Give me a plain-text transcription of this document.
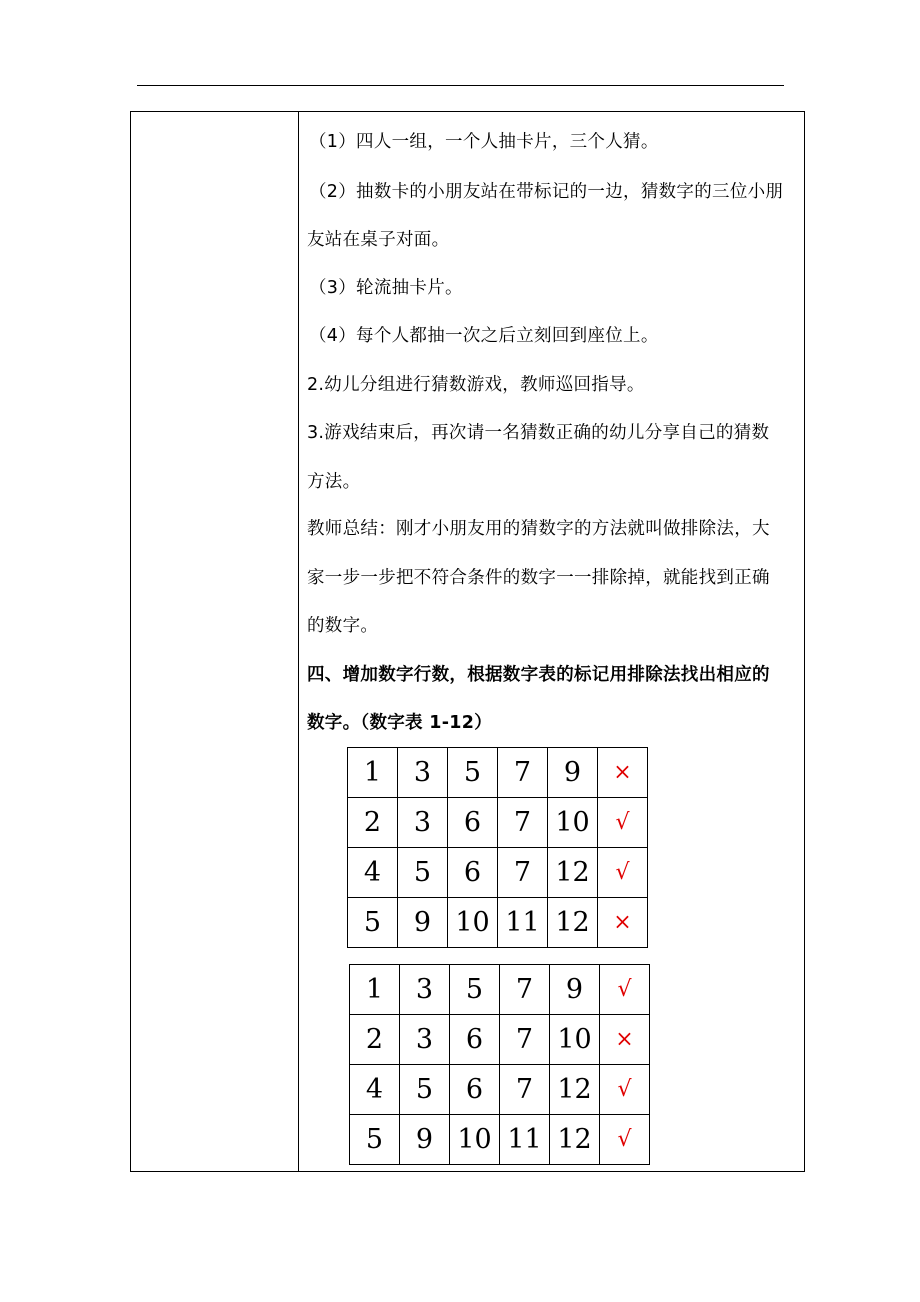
（1）四人一组，一个人抽卡片，三个人猜。
（2）抽数卡的小朋友站在带标记的一边，猜数字的三位小朋
友站在桌子对面。
（3）轮流抽卡片。
（4）每个人都抽一次之后立刻回到座位上。
2.幼儿分组进行猜数游戏，教师巡回指导。
3.游戏结束后，再次请一名猜数正确的幼儿分享自己的猜数
方法。
教师总结：刚才小朋友用的猜数字的方法就叫做排除法，大
家一步一步把不符合条件的数字一一排除掉，就能找到正确
的数字。
四、增加数字行数，根据数字表的标记用排除法找出相应的
数字。（数字表 1-12）
1	3	5	7	9	×
2	3	6	7	10	√
4	5	6	7	12	√
5	9	10	11	12	×
1	3	5	7	9	√
2	3	6	7	10	×
4	5	6	7	12	√
5	9	10	11	12	√
